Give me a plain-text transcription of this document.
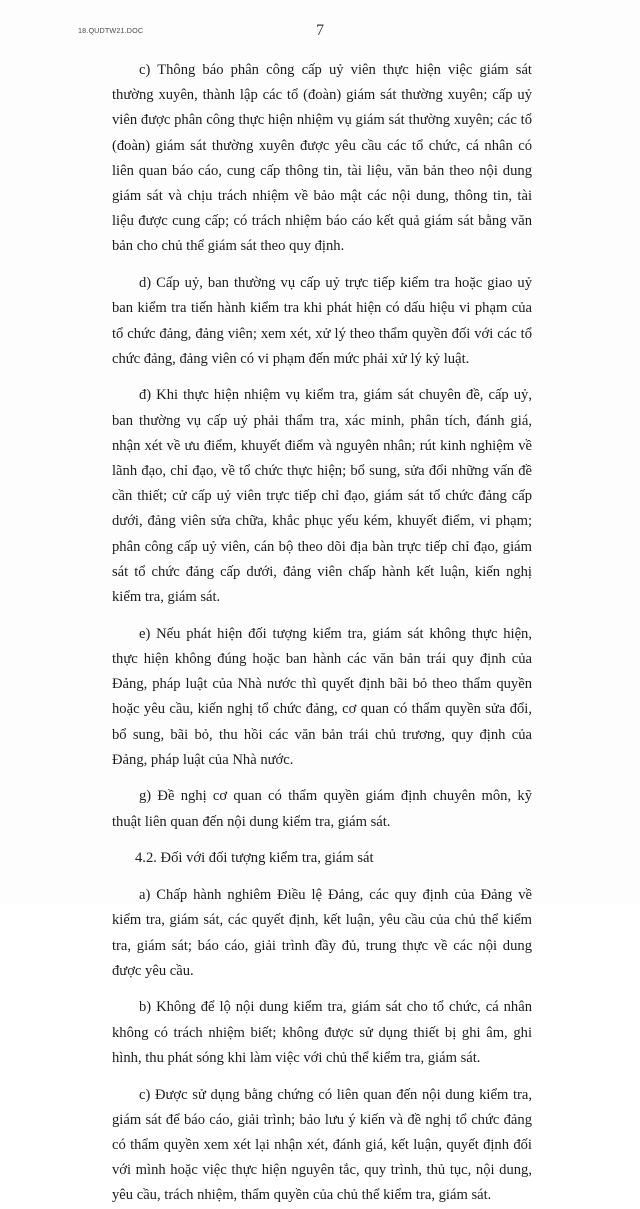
18.QUDTW21.DOC	7

c) Thông báo phân công cấp uỷ viên thực hiện việc giám sát thường xuyên, thành lập các tổ (đoàn) giám sát thường xuyên; cấp uỷ viên được phân công thực hiện nhiệm vụ giám sát thường xuyên; các tổ (đoàn) giám sát thường xuyên được yêu cầu các tổ chức, cá nhân có liên quan báo cáo, cung cấp thông tin, tài liệu, văn bản theo nội dung giám sát và chịu trách nhiệm về bảo mật các nội dung, thông tin, tài liệu được cung cấp; có trách nhiệm báo cáo kết quả giám sát bằng văn bản cho chủ thể giám sát theo quy định.

d) Cấp uỷ, ban thường vụ cấp uỷ trực tiếp kiểm tra hoặc giao uỷ ban kiểm tra tiến hành kiểm tra khi phát hiện có dấu hiệu vi phạm của tổ chức đảng, đảng viên; xem xét, xử lý theo thẩm quyền đối với các tổ chức đảng, đảng viên có vi phạm đến mức phải xử lý kỷ luật.

đ) Khi thực hiện nhiệm vụ kiểm tra, giám sát chuyên đề, cấp uỷ, ban thường vụ cấp uỷ phải thẩm tra, xác minh, phân tích, đánh giá, nhận xét về ưu điểm, khuyết điểm và nguyên nhân; rút kinh nghiệm về lãnh đạo, chỉ đạo, về tổ chức thực hiện; bổ sung, sửa đổi những vấn đề cần thiết; cử cấp uỷ viên trực tiếp chỉ đạo, giám sát tổ chức đảng cấp dưới, đảng viên sửa chữa, khắc phục yếu kém, khuyết điểm, vi phạm; phân công cấp uỷ viên, cán bộ theo dõi địa bàn trực tiếp chỉ đạo, giám sát tổ chức đảng cấp dưới, đảng viên chấp hành kết luận, kiến nghị kiểm tra, giám sát.

e) Nếu phát hiện đối tượng kiểm tra, giám sát không thực hiện, thực hiện không đúng hoặc ban hành các văn bản trái quy định của Đảng, pháp luật của Nhà nước thì quyết định bãi bỏ theo thẩm quyền hoặc yêu cầu, kiến nghị tổ chức đảng, cơ quan có thẩm quyền sửa đổi, bổ sung, bãi bỏ, thu hồi các văn bản trái chủ trương, quy định của Đảng, pháp luật của Nhà nước.

g) Đề nghị cơ quan có thẩm quyền giám định chuyên môn, kỹ thuật liên quan đến nội dung kiểm tra, giám sát.

4.2. Đối với đối tượng kiểm tra, giám sát

a) Chấp hành nghiêm Điều lệ Đảng, các quy định của Đảng về kiểm tra, giám sát, các quyết định, kết luận, yêu cầu của chủ thể kiểm tra, giám sát; báo cáo, giải trình đầy đủ, trung thực về các nội dung được yêu cầu.

b) Không để lộ nội dung kiểm tra, giám sát cho tổ chức, cá nhân không có trách nhiệm biết; không được sử dụng thiết bị ghi âm, ghi hình, thu phát sóng khi làm việc với chủ thể kiểm tra, giám sát.

c) Được sử dụng bằng chứng có liên quan đến nội dung kiểm tra, giám sát để báo cáo, giải trình; bảo lưu ý kiến và đề nghị tổ chức đảng có thẩm quyền xem xét lại nhận xét, đánh giá, kết luận, quyết định đối với mình hoặc việc thực hiện nguyên tắc, quy trình, thủ tục, nội dung, yêu cầu, trách nhiệm, thẩm quyền của chủ thể kiểm tra, giám sát.
